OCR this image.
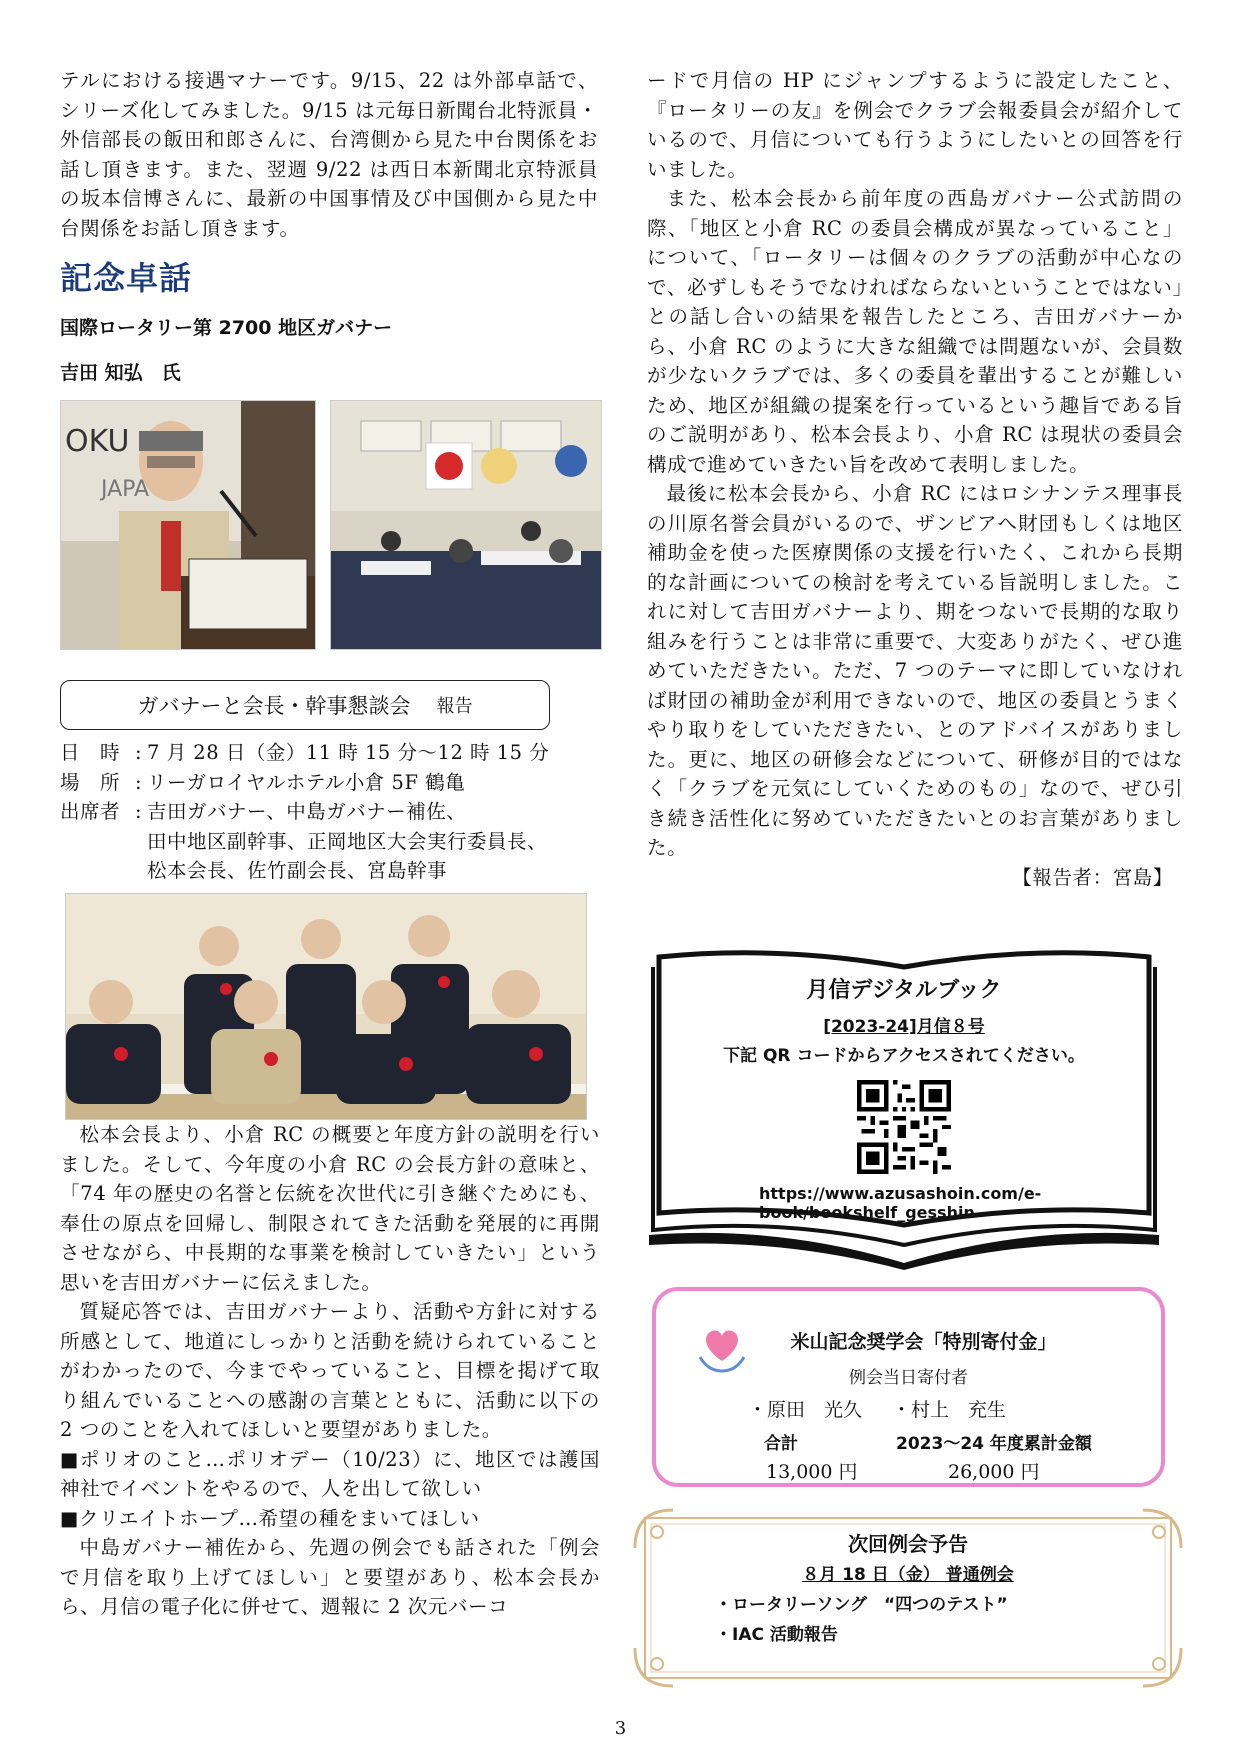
テルにおける接遇マナーです。9/15、22 は外部卓話で、シリーズ化してみました。9/15 は元毎日新聞台北特派員・外信部長の飯田和郎さんに、台湾側から見た中台関係をお話し頂きます。また、翌週 9/22 は西日本新聞北京特派員の坂本信博さんに、最新の中国事情及び中国側から見た中台関係をお話し頂きます。

記念卓話
国際ロータリー第 2700 地区ガバナー
吉田 知弘　氏
OKU
JAPA
ガバナーと会長・幹事懇談会 報告
日　時 : 7 月 28 日（金）11 時 15 分～12 時 15 分
場　所 : リーガロイヤルホテル小倉 5F 鶴亀
出席者 : 吉田ガバナー、中島ガバナー補佐、
田中地区副幹事、正岡地区大会実行委員長、
松本会長、佐竹副会長、宮島幹事

松本会長より、小倉 RC の概要と年度方針の説明を行いました。そして、今年度の小倉 RC の会長方針の意味と、「74 年の歴史の名誉と伝統を次世代に引き継ぐためにも、奉仕の原点を回帰し、制限されてきた活動を発展的に再開させながら、中長期的な事業を検討していきたい」という思いを吉田ガバナーに伝えました。

質疑応答では、吉田ガバナーより、活動や方針に対する所感として、地道にしっかりと活動を続けられていることがわかったので、今までやっていること、目標を掲げて取り組んでいることへの感謝の言葉とともに、活動に以下の 2 つのことを入れてほしいと要望がありました。

■ポリオのこと…ポリオデー（10/23）に、地区では護国神社でイベントをやるので、人を出して欲しい

■クリエイトホープ…希望の種をまいてほしい

中島ガバナー補佐から、先週の例会でも話された「例会で月信を取り上げてほしい」と要望があり、松本会長から、月信の電子化に併せて、週報に 2 次元バーコ

ードで月信の HP にジャンプするように設定したこと、『ロータリーの友』を例会でクラブ会報委員会が紹介しているので、月信についても行うようにしたいとの回答を行いました。

また、松本会長から前年度の西島ガバナー公式訪問の際、「地区と小倉 RC の委員会構成が異なっていること」について、「ロータリーは個々のクラブの活動が中心なので、必ずしもそうでなければならないということではない」との話し合いの結果を報告したところ、吉田ガバナーから、小倉 RC のように大きな組織では問題ないが、会員数が少ないクラブでは、多くの委員を輩出することが難しいため、地区が組織の提案を行っているという趣旨である旨のご説明があり、松本会長より、小倉 RC は現状の委員会構成で進めていきたい旨を改めて表明しました。

最後に松本会長から、小倉 RC にはロシナンテス理事長の川原名誉会員がいるので、ザンビアへ財団もしくは地区補助金を使った医療関係の支援を行いたく、これから長期的な計画についての検討を考えている旨説明しました。これに対して吉田ガバナーより、期をつないで長期的な取り組みを行うことは非常に重要で、大変ありがたく、ぜひ進めていただきたい。ただ、7 つのテーマに即していなければ財団の補助金が利用できないので、地区の委員とうまくやり取りをしていただきたい、とのアドバイスがありました。更に、地区の研修会などについて、研修が目的ではなく「クラブを元気にしていくためのもの」なので、ぜひ引き続き活性化に努めていただきたいとのお言葉がありました。

【報告者：宮島】

月信デジタルブック
[2023-24]月信８号
下記 QR コードからアクセスされてください。
https://www.azusashoin.com/e-
book/bookshelf_gesshin
米山記念奨学会「特別寄付金」
例会当日寄付者
・原田　光久 ・村上　充生
合計	2023～24 年度累計金額
13,000 円	26,000 円
次回例会予告
８月 18 日（金） 普通例会
・ロータリーソング　“四つのテスト”
・IAC 活動報告
3
